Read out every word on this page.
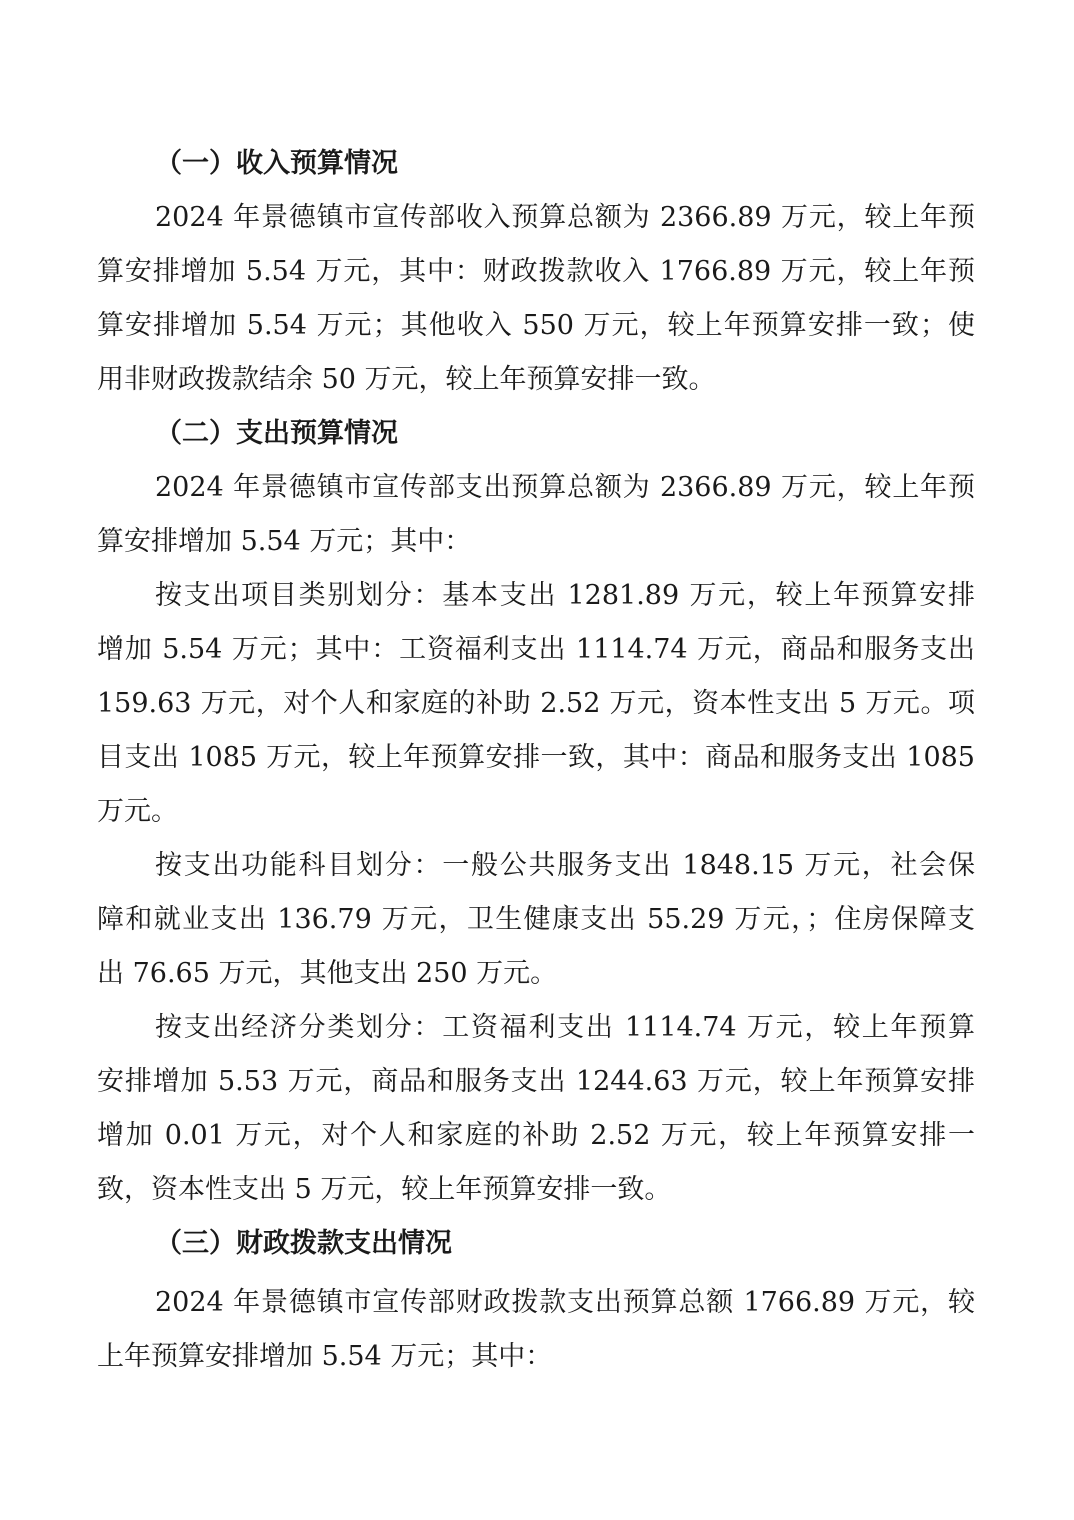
（一）收入预算情况
2024 年景德镇市宣传部收入预算总额为 2366.89 万元，较上年预
算安排增加 5.54 万元，其中：财政拨款收入 1766.89 万元，较上年预
算安排增加 5.54 万元；其他收入 550 万元，较上年预算安排一致；使
用非财政拨款结余 50 万元，较上年预算安排一致。
（二）支出预算情况
2024 年景德镇市宣传部支出预算总额为 2366.89 万元，较上年预
算安排增加 5.54 万元；其中：
按支出项目类别划分：基本支出 1281.89 万元，较上年预算安排
增加 5.54 万元；其中：工资福利支出 1114.74 万元，商品和服务支出
159.63 万元，对个人和家庭的补助 2.52 万元，资本性支出 5 万元。项
目支出 1085 万元，较上年预算安排一致，其中：商品和服务支出 1085
万元。
按支出功能科目划分：一般公共服务支出 1848.15 万元，社会保
障和就业支出 136.79 万元，卫生健康支出 55.29 万元，；住房保障支
出 76.65 万元，其他支出 250 万元。
按支出经济分类划分：工资福利支出 1114.74 万元，较上年预算
安排增加 5.53 万元，商品和服务支出 1244.63 万元，较上年预算安排
增加 0.01 万元，对个人和家庭的补助 2.52 万元，较上年预算安排一
致，资本性支出 5 万元，较上年预算安排一致。
（三）财政拨款支出情况
2024 年景德镇市宣传部财政拨款支出预算总额 1766.89 万元，较
上年预算安排增加 5.54 万元；其中：
